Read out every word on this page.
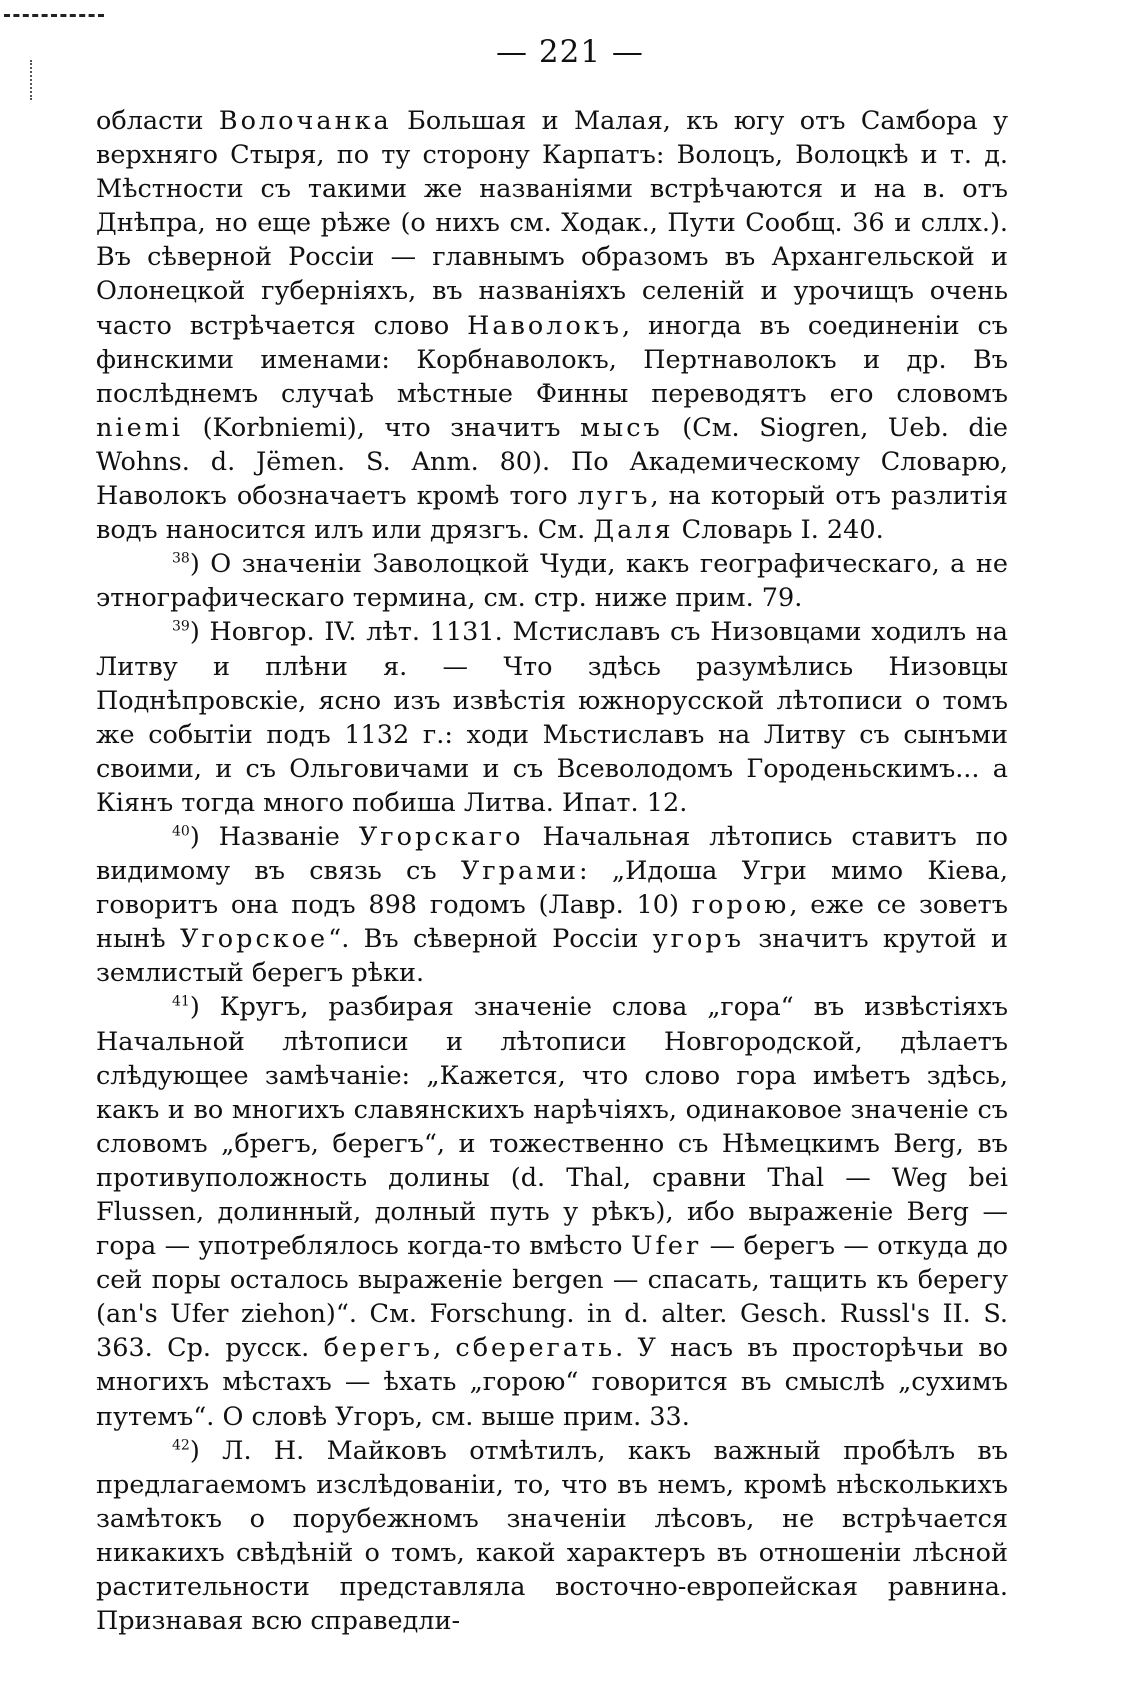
— 221 —

области Волочанка Большая и Малая, къ югу отъ Самбора у верхняго Стыря, по ту сторону Карпатъ: Волоцъ, Волоцкѣ и т. д. Мѣстности съ такими же названіями встрѣчаются и на в. отъ Днѣпра, но еще рѣже (о нихъ см. Ходак., Пути Сообщ. 36 и сллх.). Въ сѣверной Россіи — главнымъ образомъ въ Архангельской и Олонецкой губерніяхъ, въ названіяхъ селеній и урочищъ очень часто встрѣчается слово Наволокъ, иногда въ соединеніи съ финскими именами: Корбнаволокъ, Пертнаволокъ и др. Въ послѣднемъ случаѣ мѣстные Финны переводятъ его словомъ niemi (Korbniemi), что значитъ мысъ (См. Siogren, Ueb. die Wohns. d. Jëmen. S. Anm. 80). По Академическому Словарю, Наволокъ обозначаетъ кромѣ того лугъ, на который отъ разлитія водъ наносится илъ или дрязгъ. См. Даля Словарь I. 240.

$^{38}$) О значеніи Заволоцкой Чуди, какъ географическаго, а не этнографическаго термина, см. стр. ниже прим. 79.

$^{39}$) Новгор. IV. лѣт. 1131. Мстиславъ съ Низовцами ходилъ на Литву и плѣни я. — Что здѣсь разумѣлись Низовцы Поднѣпровскіе, ясно изъ извѣстія южнорусской лѣтописи о томъ же событіи подъ 1132 г.: ходи Мьстиславъ на Литву съ сынъми своими, и съ Ольговичами и съ Всеволодомъ Городеньскимъ... а Кіянъ тогда много побиша Литва. Ипат. 12.

$^{40}$) Названіе Угорскаго Начальная лѣтопись ставитъ по видимому въ связь съ Уграми: „Идоша Угри мимо Кіева, говоритъ она подъ 898 годомъ (Лавр. 10) горою, еже се зоветъ нынѣ Угорское“. Въ сѣверной Россіи угоръ значитъ крутой и землистый берегъ рѣки.

$^{41}$) Кругъ, разбирая значеніе слова „гора“ въ извѣстіяхъ Начальной лѣтописи и лѣтописи Новгородской, дѣлаетъ слѣдующее замѣчаніе: „Кажется, что слово гора имѣетъ здѣсь, какъ и во многихъ славянскихъ нарѣчіяхъ, одинаковое значеніе съ словомъ „брегъ, берегъ“, и тожественно съ Нѣмецкимъ Berg, въ противуположность долины (d. Thal, сравни Thal — Weg bei Flussen, долинный, долный путь у рѣкъ), ибо выраженіе Berg — гора — употреблялось когда-то вмѣсто Ufer — берегъ — откуда до сей поры осталось выраженіе bergen — спасать, тащить къ берегу (an's Ufer ziehon)“. См. Forschung. in d. alter. Gesch. Russl's II. S. 363. Ср. русск. берегъ, сберегать. У насъ въ просторѣчьи во многихъ мѣстахъ — ѣхать „горою“ говорится въ смыслѣ „сухимъ путемъ“. О словѣ Угоръ, см. выше прим. 33.

$^{42}$) Л. Н. Майковъ отмѣтилъ, какъ важный пробѣлъ въ предлагаемомъ изслѣдованіи, то, что въ немъ, кромѣ нѣсколькихъ замѣтокъ о порубежномъ значеніи лѣсовъ, не встрѣчается никакихъ свѣдѣній о томъ, какой характеръ въ отношеніи лѣсной растительности представляла восточно-европейская равнина. Признавая всю справедли-
